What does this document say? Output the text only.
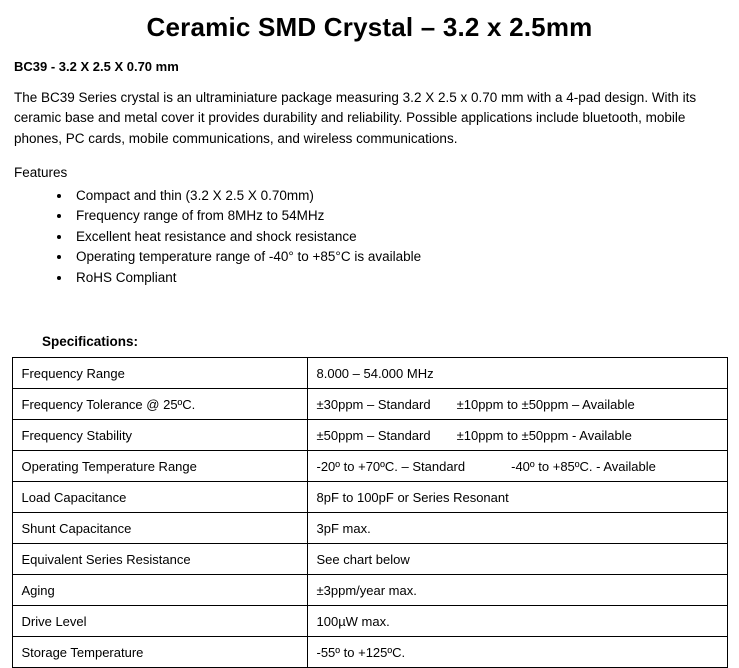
Ceramic SMD Crystal – 3.2 x 2.5mm
BC39 - 3.2 X 2.5 X 0.70 mm

The BC39 Series crystal is an ultraminiature package measuring 3.2 X 2.5 x 0.70 mm with a 4-pad design. With its ceramic base and metal cover it provides durability and reliability. Possible applications include bluetooth, mobile phones, PC cards, mobile communications, and wireless communications.

Features
• Compact and thin (3.2 X 2.5 X 0.70mm)
• Frequency range of from 8MHz to 54MHz
• Excellent heat resistance and shock resistance
• Operating temperature range of -40° to +85°C is available
• RoHS Compliant
Specifications:
Frequency Range	8.000 – 54.000 MHz
Frequency Tolerance @ 25ºC.	±30ppm – Standard ±10ppm to ±50ppm – Available
Frequency Stability	±50ppm – Standard ±10ppm to ±50ppm - Available
Operating Temperature Range	-20º to +70ºC. – Standard -40º to +85ºC. - Available
Load Capacitance	8pF to 100pF or Series Resonant
Shunt Capacitance	3pF max.
Equivalent Series Resistance	See chart below
Aging	±3ppm/year max.
Drive Level	100µW max.
Storage Temperature	-55º to +125ºC.
